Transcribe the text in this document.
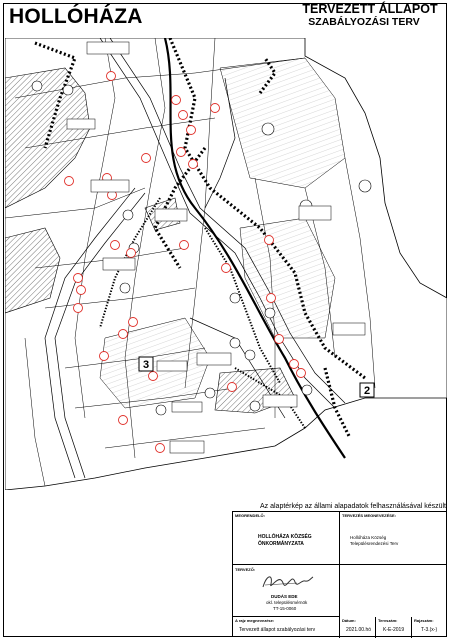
HOLLÓHÁZA	TERVEZETT ÁLLAPOT
SZABÁLYOZÁSI TERV
3
2
Az alaptérkép az állami alapadatok felhasználásával készült
MEGRENDELŐ:
HOLLÓHÁZA KÖZSÉG
ÖNKORMÁNYZATA
TERVEZÉS MEGNEVEZÉSE:
Hollóháza Község
Településrendezési Terv
TERVEZŐ:
DUDÁS EDE
okl. településmérnök
TT-15-0060
A rajz megnevezése:
Tervezett állapot szabályozási terv
Dátum:
2021.00.hó
Tervszám:
K-E-2019
Rajzszám:
T-3.(x-)
